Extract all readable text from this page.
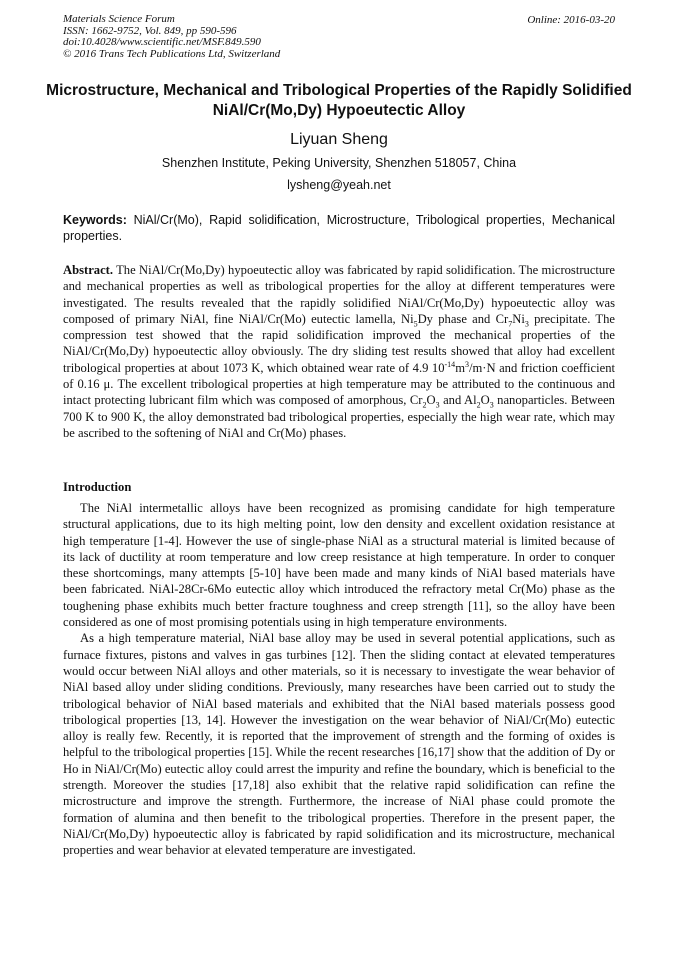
Materials Science Forum
ISSN: 1662-9752, Vol. 849, pp 590-596
doi:10.4028/www.scientific.net/MSF.849.590
© 2016 Trans Tech Publications Ltd, Switzerland
Online: 2016-03-20
Microstructure, Mechanical and Tribological Properties of the Rapidly Solidified NiAl/Cr(Mo,Dy) Hypoeutectic Alloy
Liyuan Sheng
Shenzhen Institute, Peking University, Shenzhen 518057, China
lysheng@yeah.net
Keywords: NiAl/Cr(Mo), Rapid solidification, Microstructure, Tribological properties, Mechanical properties.
Abstract. The NiAl/Cr(Mo,Dy) hypoeutectic alloy was fabricated by rapid solidification. The microstructure and mechanical properties as well as tribological properties for the alloy at different temperatures were investigated. The results revealed that the rapidly solidified NiAl/Cr(Mo,Dy) hypoeutectic alloy was composed of primary NiAl, fine NiAl/Cr(Mo) eutectic lamella, $Ni_5Dy$ phase and $Cr_7Ni_3$ precipitate. The compression test showed that the rapid solidification improved the mechanical properties of the NiAl/Cr(Mo,Dy) hypoeutectic alloy obviously. The dry sliding test results showed that alloy had excellent tribological properties at about 1073 K, which obtained wear rate of 4.9 $10^{-14}m^3/m\cdot N$ and friction coefficient of 0.16 μ. The excellent tribological properties at high temperature may be attributed to the continuous and intact protecting lubricant film which was composed of amorphous, $Cr_2O_3$ and $Al_2O_3$ nanoparticles. Between 700 K to 900 K, the alloy demonstrated bad tribological properties, especially the high wear rate, which may be ascribed to the softening of NiAl and Cr(Mo) phases.
Introduction

The NiAl intermetallic alloys have been recognized as promising candidate for high temperature structural applications, due to its high melting point, low den density and excellent oxidation resistance at high temperature [1-4]. However the use of single-phase NiAl as a structural material is limited because of its lack of ductility at room temperature and low creep resistance at high temperature. In order to conquer these shortcomings, many attempts [5-10] have been made and many kinds of NiAl based materials have been fabricated. NiAl-28Cr-6Mo eutectic alloy which introduced the refractory metal Cr(Mo) phase as the toughening phase exhibits much better fracture toughness and creep strength [11], so the alloy have been considered as one of most promising potentials using in high temperature environments.

As a high temperature material, NiAl base alloy may be used in several potential applications, such as furnace fixtures, pistons and valves in gas turbines [12]. Then the sliding contact at elevated temperatures would occur between NiAl alloys and other materials, so it is necessary to investigate the wear behavior of NiAl based alloy under sliding conditions. Previously, many researches have been carried out to study the tribological behavior of NiAl based materials and exhibited that the NiAl based materials possess good tribological properties [13, 14]. However the investigation on the wear behavior of NiAl/Cr(Mo) eutectic alloy is really few. Recently, it is reported that the improvement of strength and the forming of oxides is helpful to the tribological properties [15]. While the recent researches [16,17] show that the addition of Dy or Ho in NiAl/Cr(Mo) eutectic alloy could arrest the impurity and refine the boundary, which is beneficial to the strength. Moreover the studies [17,18] also exhibit that the relative rapid solidification can refine the microstructure and improve the strength. Furthermore, the increase of NiAl phase could promote the formation of alumina and then benefit to the tribological properties. Therefore in the present paper, the NiAl/Cr(Mo,Dy) hypoeutectic alloy is fabricated by rapid solidification and its microstructure, mechanical properties and wear behavior at elevated temperature are investigated.
